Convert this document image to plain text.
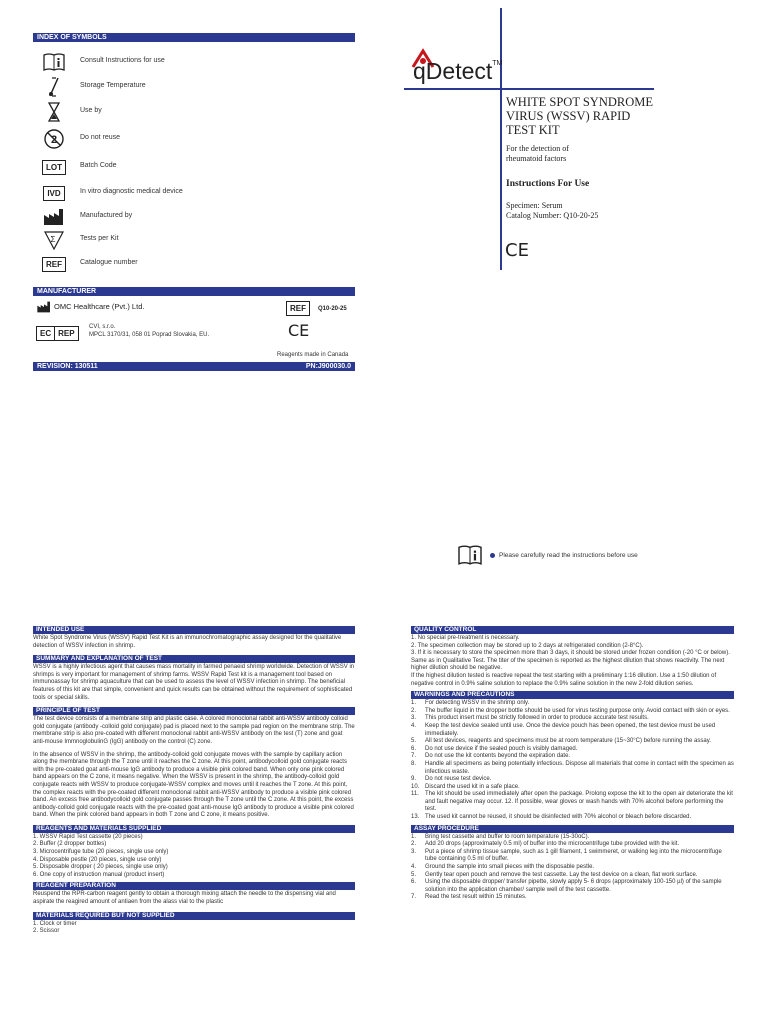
INDEX OF SYMBOLS
Consult Instructions for use
Storage Temperature
Use by
2	Do not reuse
LOT	Batch Code
IVD	In vitro diagnostic medical device
Manufactured by
Σ	Tests per Kit
REF	Catalogue number
MANUFACTURER
OMC Healthcare (Pvt.) Ltd.	REF	Q10-20-25
EC REP
CVI, s.r.o.
MPCL 3170/31, 058 01 Poprad Slovakia, EU.	CE
Reagents made in Canada
REVISION: 130511	PN:J900030.0
qDetect™
WHITE SPOT SYNDROME
VIRUS (WSSV) RAPID
TEST KIT
For the detection of
rheumatoid factors
Instructions For Use
Specimen: Serum
Catalog Number: Q10-20-25
CE
Please carefully read the instructions before use
INTENDED USE

White Spot Syndrome Virus (WSSV) Rapid Test Kit is an immunochromatographic assay designed for the qualitative detection of WSSV infection in shrimp.

SUMMARY AND EXPLANATION OF TEST

WSSV is a highly infectious agent that causes mass mortality in farmed penaeid shrimp worldwide. Detection of WSSV in shrimps is very important for management of shrimp farms. WSSV Rapid Test kit is a management tool based on immunoassay for shrimp aquaculture that can be used to assess the level of WSSV infection in shrimp. The beneficial features of this kit are that simple, convenient and quick results can be obtained without the requirement of sophisticated tools or special skills.

PRINCIPLE OF TEST

The test device consists of a membrane strip and plastic case. A colored monoclonal rabbit anti-WSSV antibody colloid gold conjugate (antibody -colloid gold conjugate) pad is placed next to the sample pad region on the membrane strip. The membrane strip is also pre-coated with different monoclonal rabbit anti-WSSV antibody on the test (T) zone and goat anti-mouse ImmnoglobulinG (IgG) antibody on the control (C) zone.

In the absence of WSSV in the shrimp, the antibody-colloid gold conjugate moves with the sample by capillary action along the membrane through the T zone until it reaches the C zone. At this point, antibodycolloid gold conjugate reacts with the pre-coated goat anti-mouse IgG antibody to produce a visible pink colored band. When only one pink colored band appears on the C zone, it means negative. When the WSSV is present in the shrimp, the antibody-colloid gold conjugate reacts with WSSV to produce conjugate-WSSV complex and moves until it reaches the T zone. At this point, the complex reacts with the pre-coated different monoclonal rabbit anti-WSSV antibody to produce a visible pink colored band. An excess free antibodycolloid gold conjugate passes through the T zone until the C zone. At this point, the excess antibody-colloid gold conjugate reacts with the pre-coated goat anti-mouse IgG antibody to produce a visible pink colored band. When the pink colored band appears in both T zone and C zone, it means positive.

REAGENTS AND MATERIALS SUPPLIED
1. WSSV Rapid Test cassette (20 pieces)
2. Buffer (2 dropper bottles)
3. Microcentrifuge tube (20 pieces, single use only)
4. Disposable pestle (20 pieces, single use only)
5. Disposable dropper ( 20 pieces, single use only)
6. One copy of instruction manual (product insert)
REAGENT PREPARATION

Reuspend the RPR-carbon reagent gently to obtain a thorough mixing attach the needle to the dispensing vial and aspirate the reagired amount of antiaen from the alass vial to the plastic

MATERIALS REQUIRED BUT NOT SUPPLIED
1. Clock or timer
2. Scissor
QUALITY CONTROL
1. No special pre-treatment is necessary.
2. The specimen collection may be stored up to 2 days at refrigerated condition (2-8°C).
3. If it is necessary to store the specimen more than 3 days, it should be stored under frozen condition (-20 °C or below).
Same as in Qualitative Test. The titer of the specimen is reported as the highest dilution that shows reactivity. The next higher dilution should be negative.
If the highest dilution tested is reactive repeat the test starting with a preliminary 1:16 dilution. Use a 1:50 dilution of negative control in 0.9% saline solution to replace the 0.9% saline solution in the new 2-fold dilution series.
WARNINGS AND PRECAUTIONS
1. For detecting WSSV in the shrimp only.
2. The buffer liquid in the dropper bottle should be used for virus testing purpose only. Avoid contact with skin or eyes.
3. This product insert must be strictly followed in order to produce accurate test results.
4. Keep the test device sealed until use. Once the device pouch has been opened, the test device must be used immediately.
5. All test devices, reagents and specimens must be at room temperature (15~30°C) before running the assay.
6. Do not use device if the sealed pouch is visibly damaged.
7. Do not use the kit contents beyond the expiration date.
8. Handle all specimens as being potentially infectious. Dispose all materials that come in contact with the specimen as infectious waste.
9. Do not reuse test device.
10. Discard the used kit in a safe place.
11. The kit should be used immediately after open the package. Prolong expose the kit to the open air deteriorate the kit and fault negative may occur. 12. If possible, wear gloves or wash hands with 70% alcohol before performing the test.
13. The used kit cannot be reused, it should be disinfected with 70% alcohol or bleach before discarded.
ASSAY PROCEDURE
1. Bring test cassette and buffer to room temperature (15-30oC).
2. Add 20 drops (approximately 0.5 ml) of buffer into the microcentrifuge tube provided with the kit.
3. Put a piece of shrimp tissue sample, such as 1 gill filament, 1 swimmeret, or walking leg into the microcentrifuge tube containing 0.5 ml of buffer.
4. Ground the sample into small pieces with the disposable pestle.
5. Gently tear open pouch and remove the test cassette. Lay the test device on a clean, flat work surface.
6. Using the disposable dropper/ transfer pipette, slowly apply 5- 6 drops (approximately 100-150 µl) of the sample solution into the application chamber/ sample well of the test cassette.
7. Read the test result within 15 minutes.
